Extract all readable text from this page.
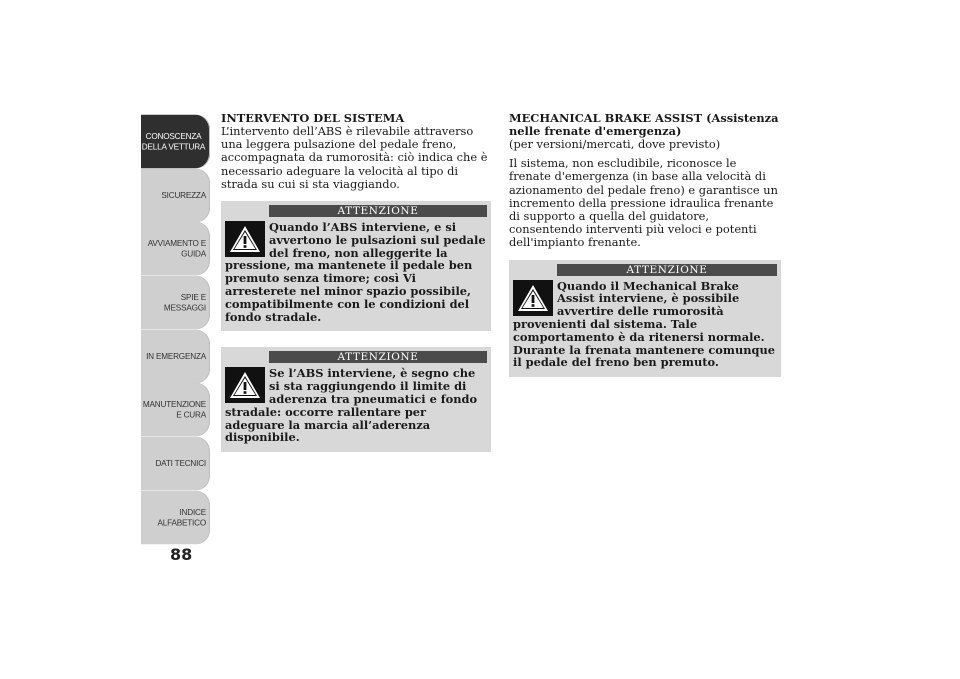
CONOSCENZA DELLA VETTURA
SICUREZZA
AVVIAMENTO E GUIDA
SPIE E MESSAGGI
IN EMERGENZA
MANUTENZIONE E CURA
DATI TECNICI
INDICE ALFABETICO
88
INTERVENTO DEL SISTEMA

L’intervento dell’ABS è rilevabile attraverso una leggera pulsazione del pedale freno, accompagnata da rumorosità: ciò indica che è necessario adeguare la velocità al tipo di strada su cui si sta viaggiando.

ATTENZIONE
Quando l’ABS interviene, e si avvertono le pulsazioni sul pedale del freno, non alleggerite la pressione, ma mantenete il pedale ben premuto senza timore; così Vi arresterete nel minor spazio possibile, compatibilmente con le condizioni del fondo stradale.
ATTENZIONE
Se l’ABS interviene, è segno che si sta raggiungendo il limite di aderenza tra pneumatici e fondo stradale: occorre rallentare per adeguare la marcia all’aderenza disponibile.
MECHANICAL BRAKE ASSIST (Assistenza nelle frenate d'emergenza)
(per versioni/mercati, dove previsto)

Il sistema, non escludibile, riconosce le frenate d'emergenza (in base alla velocità di azionamento del pedale freno) e garantisce un incremento della pressione idraulica frenante di supporto a quella del guidatore, consentendo interventi più veloci e potenti dell'impianto frenante.

ATTENZIONE
Quando il Mechanical Brake Assist interviene, è possibile avvertire delle rumorosità provenienti dal sistema. Tale comportamento è da ritenersi normale. Durante la frenata mantenere comunque il pedale del freno ben premuto.
